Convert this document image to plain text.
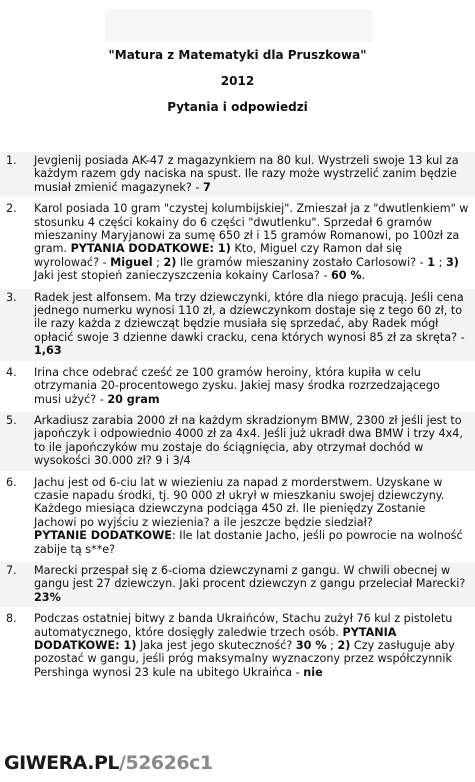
"Matura z Matematyki dla Pruszkowa"
2012
Pytania i odpowiedzi
1. Jevgienij posiada AK-47 z magazynkiem na 80 kul. Wystrzeli swoje 13 kul za każdym razem gdy naciska na spust. Ile razy może wystrzelić zanim będzie musiał zmienić magazynek? - 7
2. Karol posiada 10 gram "czystej kolumbijskiej". Zmieszał ja z "dwutlenkiem" w stosunku 4 części kokainy do 6 części "dwutlenku". Sprzedał 6 gramów mieszaniny Maryjanowi za sumę 650 zł i 15 gramów Romanowi, po 100zł za gram. PYTANIA DODATKOWE: 1) Kto, Miguel czy Ramon dał się wyrolować? - Miguel ; 2) Ile gramów mieszaniny zostało Carlosowi? - 1 ; 3) Jaki jest stopień zanieczyszczenia kokainy Carlosa? - 60 %.
3. Radek jest alfonsem. Ma trzy dziewczynki, które dla niego pracują. Jeśli cena jednego numerku wynosi 110 zł, a dziewczynkom dostaje się z tego 60 zł, to ile razy każda z dziewcząt będzie musiała się sprzedać, aby Radek mógł opłacić swoje 3 dzienne dawki cracku, cena których wynosi 85 zł za skręta? - 1,63
4. Irina chce odebrać cześć ze 100 gramów heroiny, która kupiła w celu otrzymania 20-procentowego zysku. Jakiej masy środka rozrzedzającego musi użyć? - 20 gram
5. Arkadiusz zarabia 2000 zł na każdym skradzionym BMW, 2300 zł jeśli jest to japończyk i odpowiednio 4000 zł za 4x4. Jeśli już ukradł dwa BMW i trzy 4x4, to ile japończyków mu zostaje do ściągnięcia, aby otrzymał dochód w wysokości 30.000 zł? 9 i 3/4
6. Jachu jest od 6-ciu lat w wiezieniu za napad z morderstwem. Uzyskane w czasie napadu środki, tj. 90 000 zł ukrył w mieszkaniu swojej dziewczyny. Każdego miesiąca dziewczyna podciąga 450 zł. Ile pieniędzy Zostanie Jachowi po wyjściu z wiezienia? a ile jeszcze będzie siedział?
PYTANIE DODATKOWE: Ile lat dostanie Jacho, jeśli po powrocie na wolność zabije tą s**e?
7. Marecki przespał się z 6-cioma dziewczynami z gangu. W chwili obecnej w gangu jest 27 dziewczyn. Jaki procent dziewczyn z gangu przeleciał Marecki? 23%
8. Podczas ostatniej bitwy z banda Ukraińców, Stachu zużył 76 kul z pistoletu automatycznego, które dosięgły zaledwie trzech osób. PYTANIA DODATKOWE: 1) Jaka jest jego skuteczność? 30 % ; 2) Czy zasługuje aby pozostać w gangu, jeśli próg maksymalny wyznaczony przez współczynnik Pershinga wynosi 23 kule na ubitego Ukraińca - nie
GIWERA.PL/52626c1
